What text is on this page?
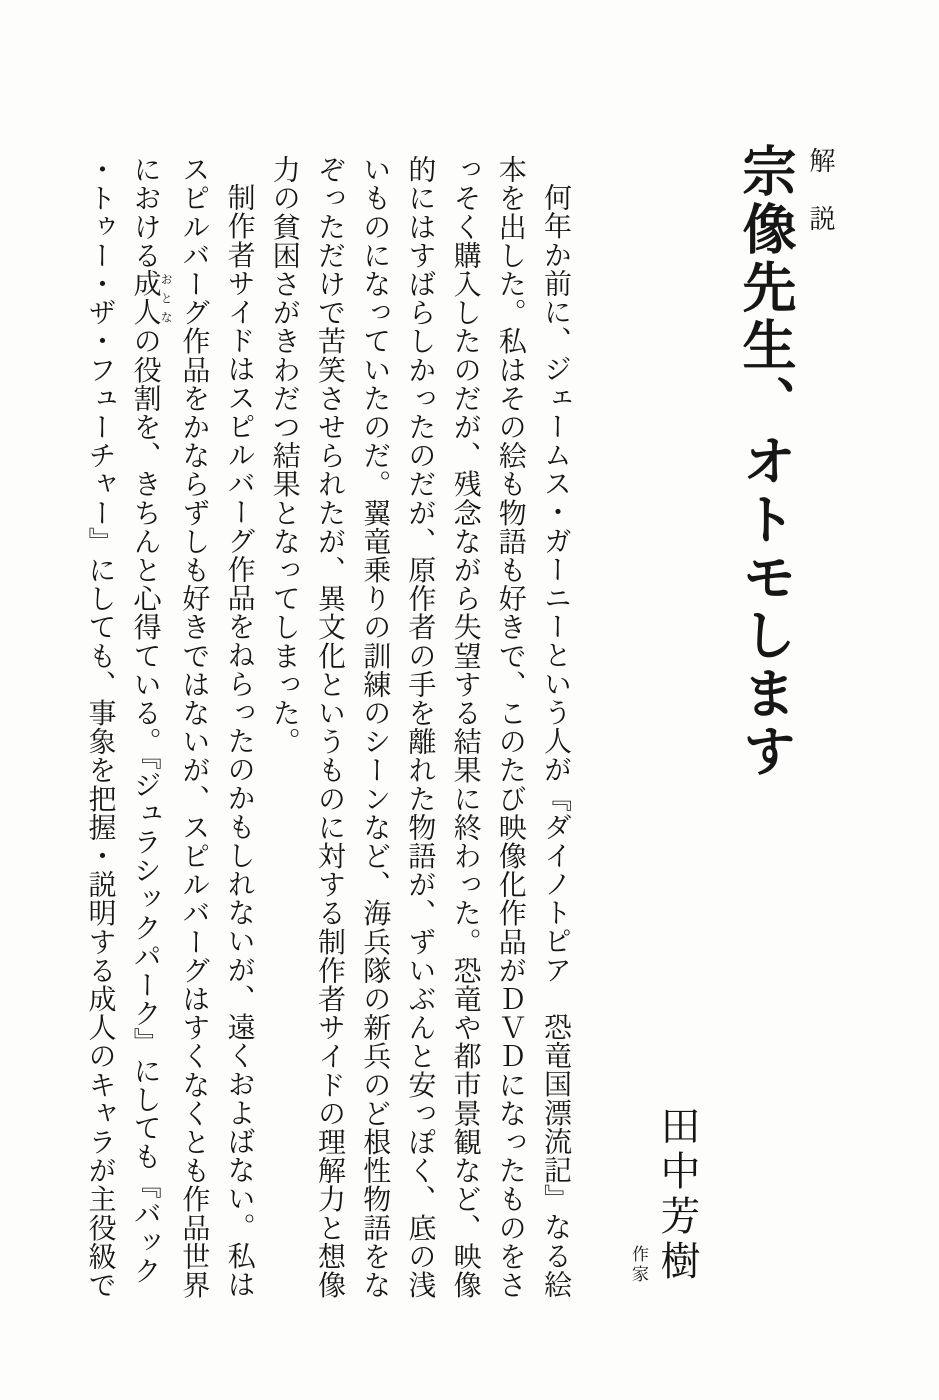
解説
宗像先生、オトモします

何年か前に、ジェームス・ガーニーという人が『ダイノトピア　恐竜国漂流記』なる絵

本を出した。私はその絵も物語も好きで、このたび映像化作品がＤＶＤになったものをさ

っそく購入したのだが、残念ながら失望する結果に終わった。恐竜や都市景観など、映像

的にはすばらしかったのだが、原作者の手を離れた物語が、ずいぶんと安っぽく、底の浅

いものになっていたのだ。翼竜乗りの訓練のシーンなど、海兵隊の新兵のど根性物語をな

ぞっただけで苦笑させられたが、異文化というものに対する制作者サイドの理解力と想像

力の貧困さがきわだつ結果となってしまった。

制作者サイドはスピルバーグ作品をねらったのかもしれないが、遠くおよばない。私は

スピルバーグ作品をかならずしも好きではないが、スピルバーグはすくなくとも作品世界

における成人おとなの役割を、きちんと心得ている。『ジュラシックパーク』にしても『バック

・トゥー・ザ・フューチャー』にしても、事象を把握・説明する成人のキャラが主役級で	田中芳樹
作家
